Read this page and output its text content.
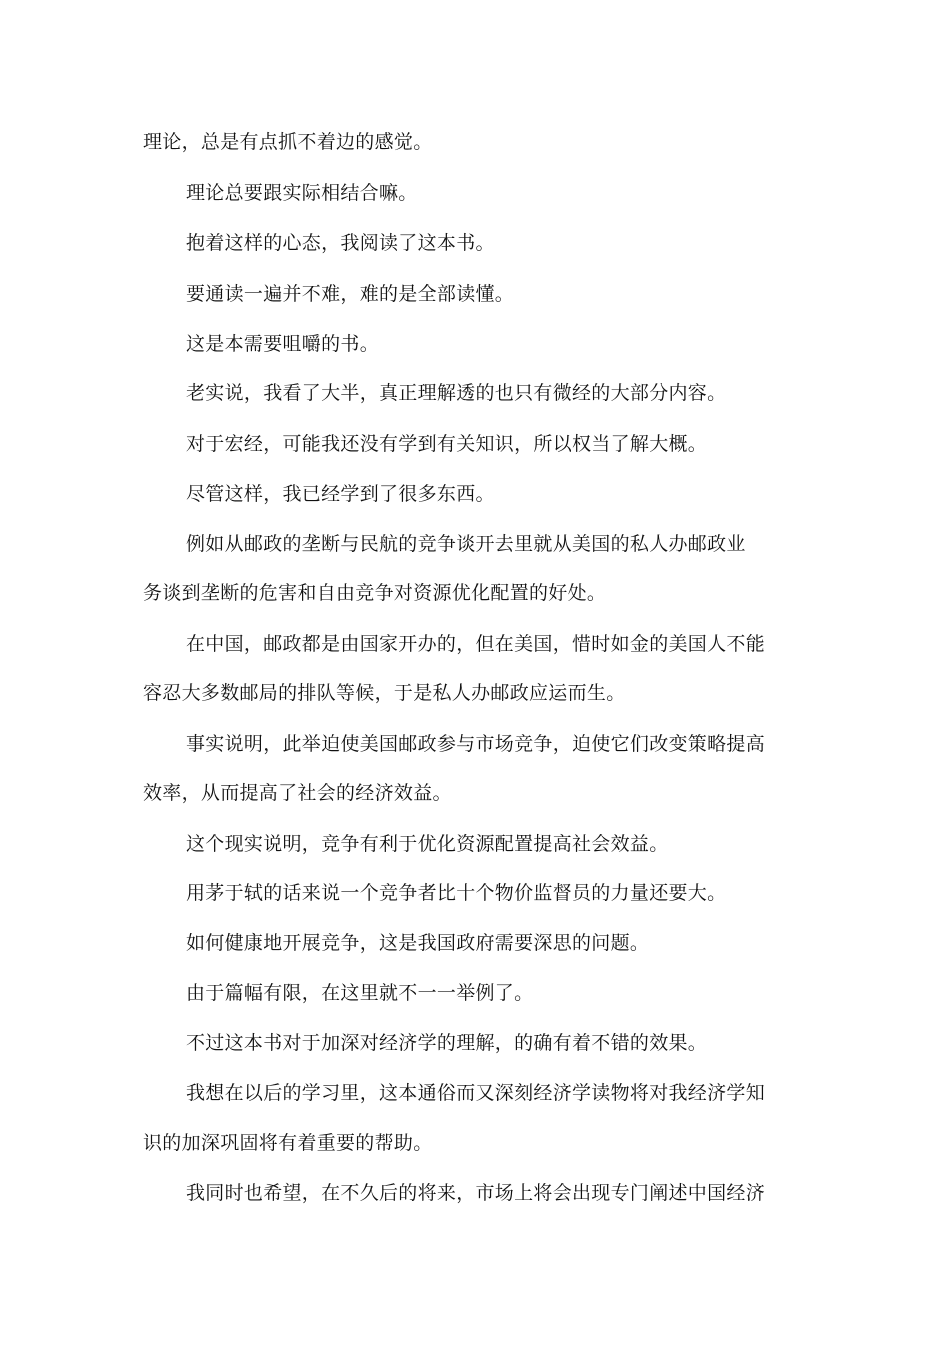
理论，总是有点抓不着边的感觉。
理论总要跟实际相结合嘛。
抱着这样的心态，我阅读了这本书。
要通读一遍并不难，难的是全部读懂。
这是本需要咀嚼的书。
老实说，我看了大半，真正理解透的也只有微经的大部分内容。
对于宏经，可能我还没有学到有关知识，所以权当了解大概。
尽管这样，我已经学到了很多东西。
例如从邮政的垄断与民航的竞争谈开去里就从美国的私人办邮政业
务谈到垄断的危害和自由竞争对资源优化配置的好处。
在中国，邮政都是由国家开办的，但在美国，惜时如金的美国人不能
容忍大多数邮局的排队等候，于是私人办邮政应运而生。
事实说明，此举迫使美国邮政参与市场竞争，迫使它们改变策略提高
效率，从而提高了社会的经济效益。
这个现实说明，竞争有利于优化资源配置提高社会效益。
用茅于轼的话来说一个竞争者比十个物价监督员的力量还要大。
如何健康地开展竞争，这是我国政府需要深思的问题。
由于篇幅有限，在这里就不一一举例了。
不过这本书对于加深对经济学的理解，的确有着不错的效果。
我想在以后的学习里，这本通俗而又深刻经济学读物将对我经济学知
识的加深巩固将有着重要的帮助。
我同时也希望，在不久后的将来，市场上将会出现专门阐述中国经济
